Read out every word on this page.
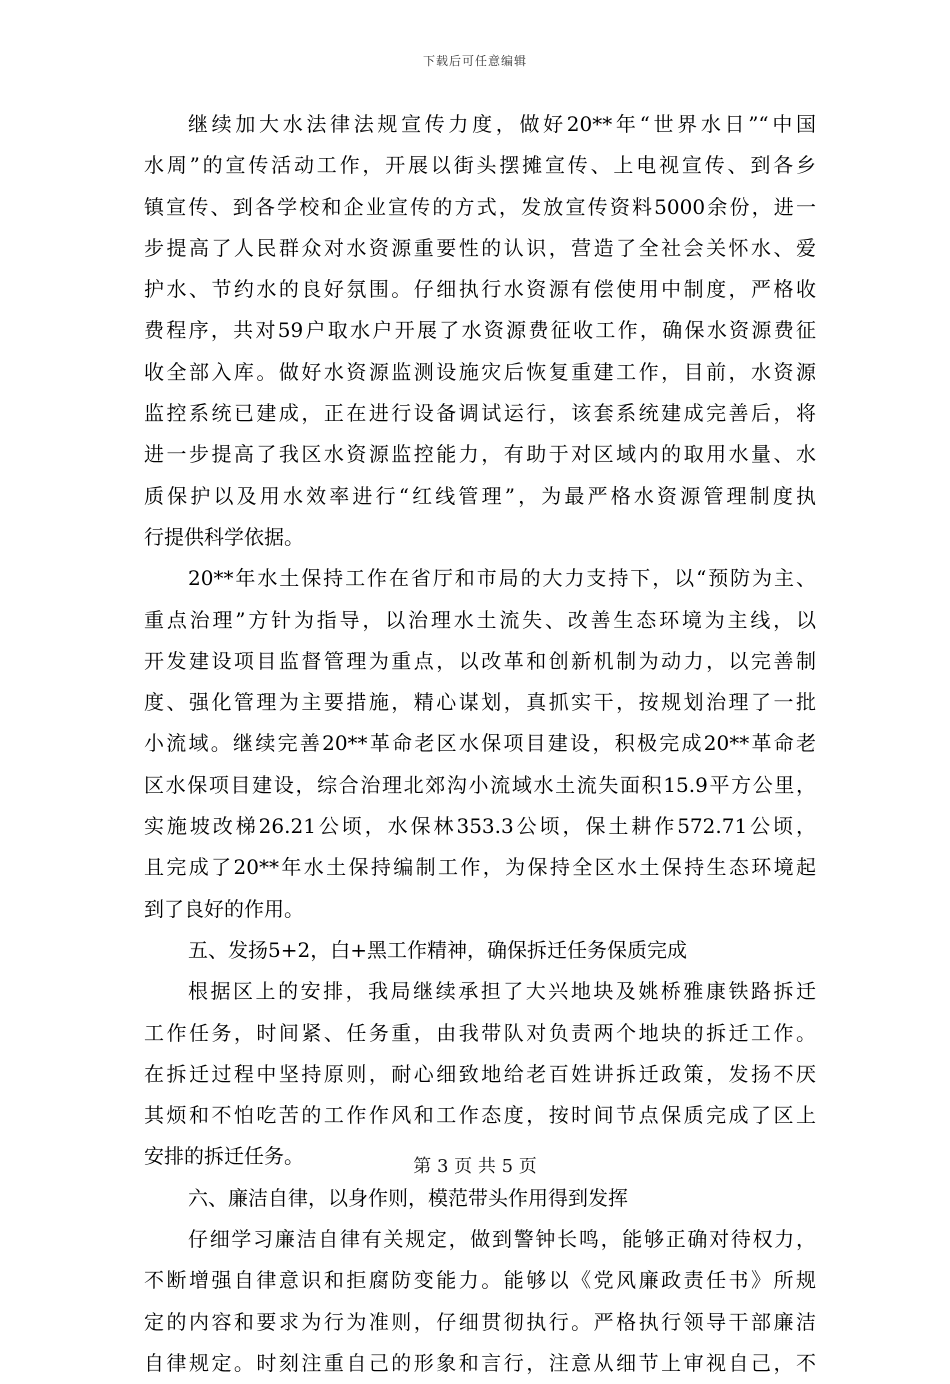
下载后可任意编辑
继续加大水法律法规宣传力度，做好20**年“世界水日”“中国
水周”的宣传活动工作，开展以街头摆摊宣传、上电视宣传、到各乡
镇宣传、到各学校和企业宣传的方式，发放宣传资料5000余份，进一
步提高了人民群众对水资源重要性的认识，营造了全社会关怀水、爱
护水、节约水的良好氛围。仔细执行水资源有偿使用中制度，严格收
费程序，共对59户取水户开展了水资源费征收工作，确保水资源费征
收全部入库。做好水资源监测设施灾后恢复重建工作，目前，水资源
监控系统已建成，正在进行设备调试运行，该套系统建成完善后，将
进一步提高了我区水资源监控能力，有助于对区域内的取用水量、水
质保护以及用水效率进行“红线管理”，为最严格水资源管理制度执
行提供科学依据。
20**年水土保持工作在省厅和市局的大力支持下，以“预防为主、
重点治理”方针为指导，以治理水土流失、改善生态环境为主线，以
开发建设项目监督管理为重点，以改革和创新机制为动力，以完善制
度、强化管理为主要措施，精心谋划，真抓实干，按规划治理了一批
小流域。继续完善20**革命老区水保项目建设，积极完成20**革命老
区水保项目建设，综合治理北郊沟小流域水土流失面积15.9平方公里，
实施坡改梯26.21公顷，水保林353.3公顷，保土耕作572.71公顷，
且完成了20**年水土保持编制工作，为保持全区水土保持生态环境起
到了良好的作用。
五、发扬5+2，白+黑工作精神，确保拆迁任务保质完成
根据区上的安排，我局继续承担了大兴地块及姚桥雅康铁路拆迁
工作任务，时间紧、任务重，由我带队对负责两个地块的拆迁工作。
在拆迁过程中坚持原则，耐心细致地给老百姓讲拆迁政策，发扬不厌
其烦和不怕吃苦的工作作风和工作态度，按时间节点保质完成了区上
安排的拆迁任务。
六、廉洁自律，以身作则，模范带头作用得到发挥
仔细学习廉洁自律有关规定，做到警钟长鸣，能够正确对待权力，
不断增强自律意识和拒腐防变能力。能够以《党风廉政责任书》所规
定的内容和要求为行为准则，仔细贯彻执行。严格执行领导干部廉洁
自律规定。时刻注重自己的形象和言行，注意从细节上审视自己，不
第 3 页 共 5 页
